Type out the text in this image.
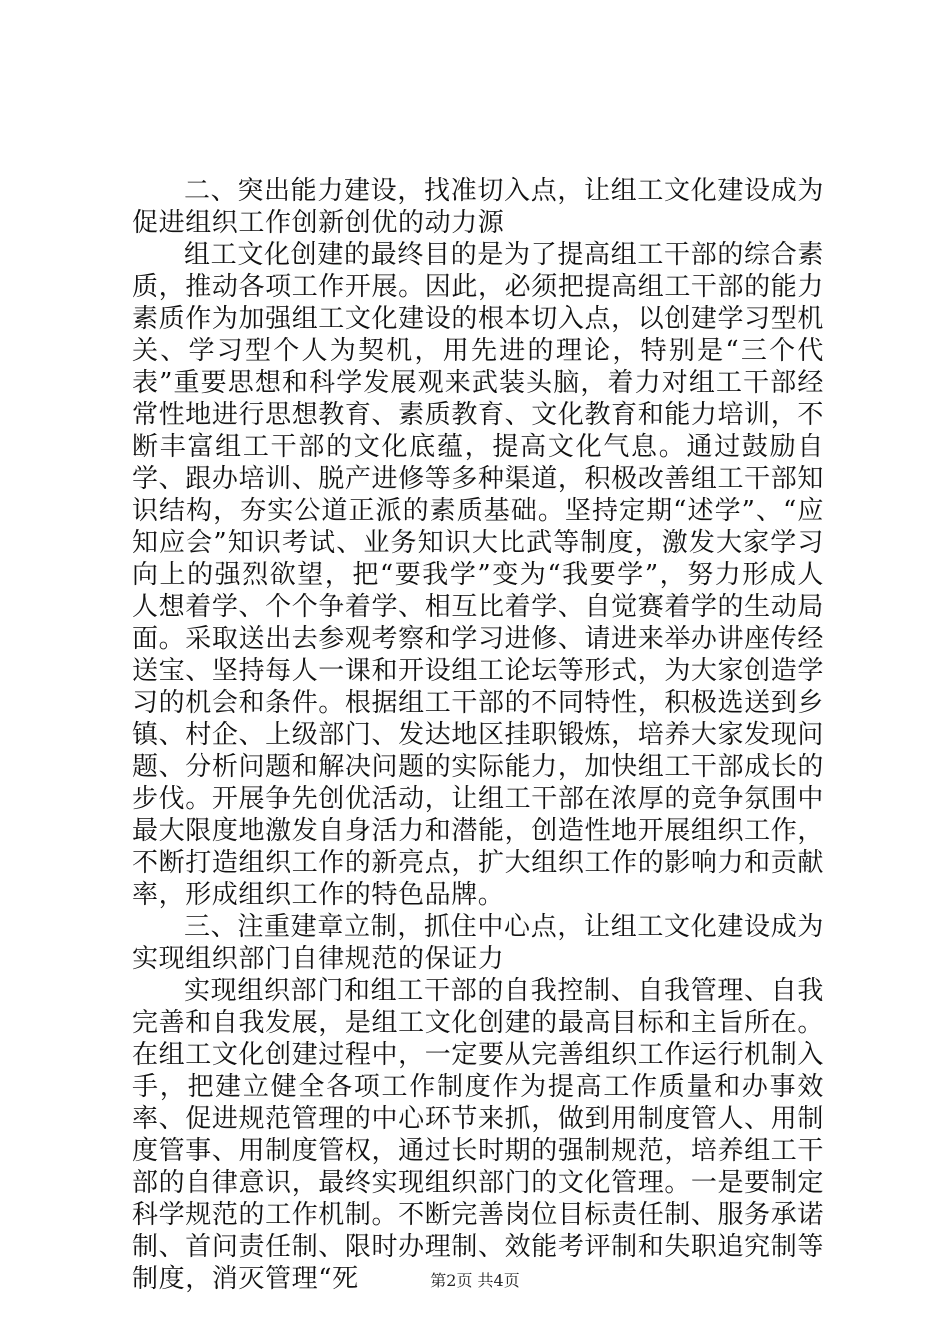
二、突出能力建设，找准切入点，让组工文化建设成为促进组织工作创新创优的动力源

组工文化创建的最终目的是为了提高组工干部的综合素质，推动各项工作开展。因此，必须把提高组工干部的能力素质作为加强组工文化建设的根本切入点，以创建学习型机关、学习型个人为契机，用先进的理论，特别是“三个代表”重要思想和科学发展观来武装头脑，着力对组工干部经常性地进行思想教育、素质教育、文化教育和能力培训，不断丰富组工干部的文化底蕴，提高文化气息。通过鼓励自学、跟办培训、脱产进修等多种渠道，积极改善组工干部知识结构，夯实公道正派的素质基础。坚持定期“述学”、“应知应会”知识考试、业务知识大比武等制度，激发大家学习向上的强烈欲望，把“要我学”变为“我要学”，努力形成人人想着学、个个争着学、相互比着学、自觉赛着学的生动局面。采取送出去参观考察和学习进修、请进来举办讲座传经送宝、坚持每人一课和开设组工论坛等形式，为大家创造学习的机会和条件。根据组工干部的不同特性，积极选送到乡镇、村企、上级部门、发达地区挂职锻炼，培养大家发现问题、分析问题和解决问题的实际能力，加快组工干部成长的步伐。开展争先创优活动，让组工干部在浓厚的竞争氛围中最大限度地激发自身活力和潜能，创造性地开展组织工作，不断打造组织工作的新亮点，扩大组织工作的影响力和贡献率，形成组织工作的特色品牌。

三、注重建章立制，抓住中心点，让组工文化建设成为实现组织部门自律规范的保证力

实现组织部门和组工干部的自我控制、自我管理、自我完善和自我发展，是组工文化创建的最高目标和主旨所在。在组工文化创建过程中，一定要从完善组织工作运行机制入手，把建立健全各项工作制度作为提高工作质量和办事效率、促进规范管理的中心环节来抓，做到用制度管人、用制度管事、用制度管权，通过长时期的强制规范，培养组工干部的自律意识，最终实现组织部门的文化管理。一是要制定科学规范的工作机制。不断完善岗位目标责任制、服务承诺制、首问责任制、限时办理制、效能考评制和失职追究制等制度，消灭管理“死	第2页 共4页
